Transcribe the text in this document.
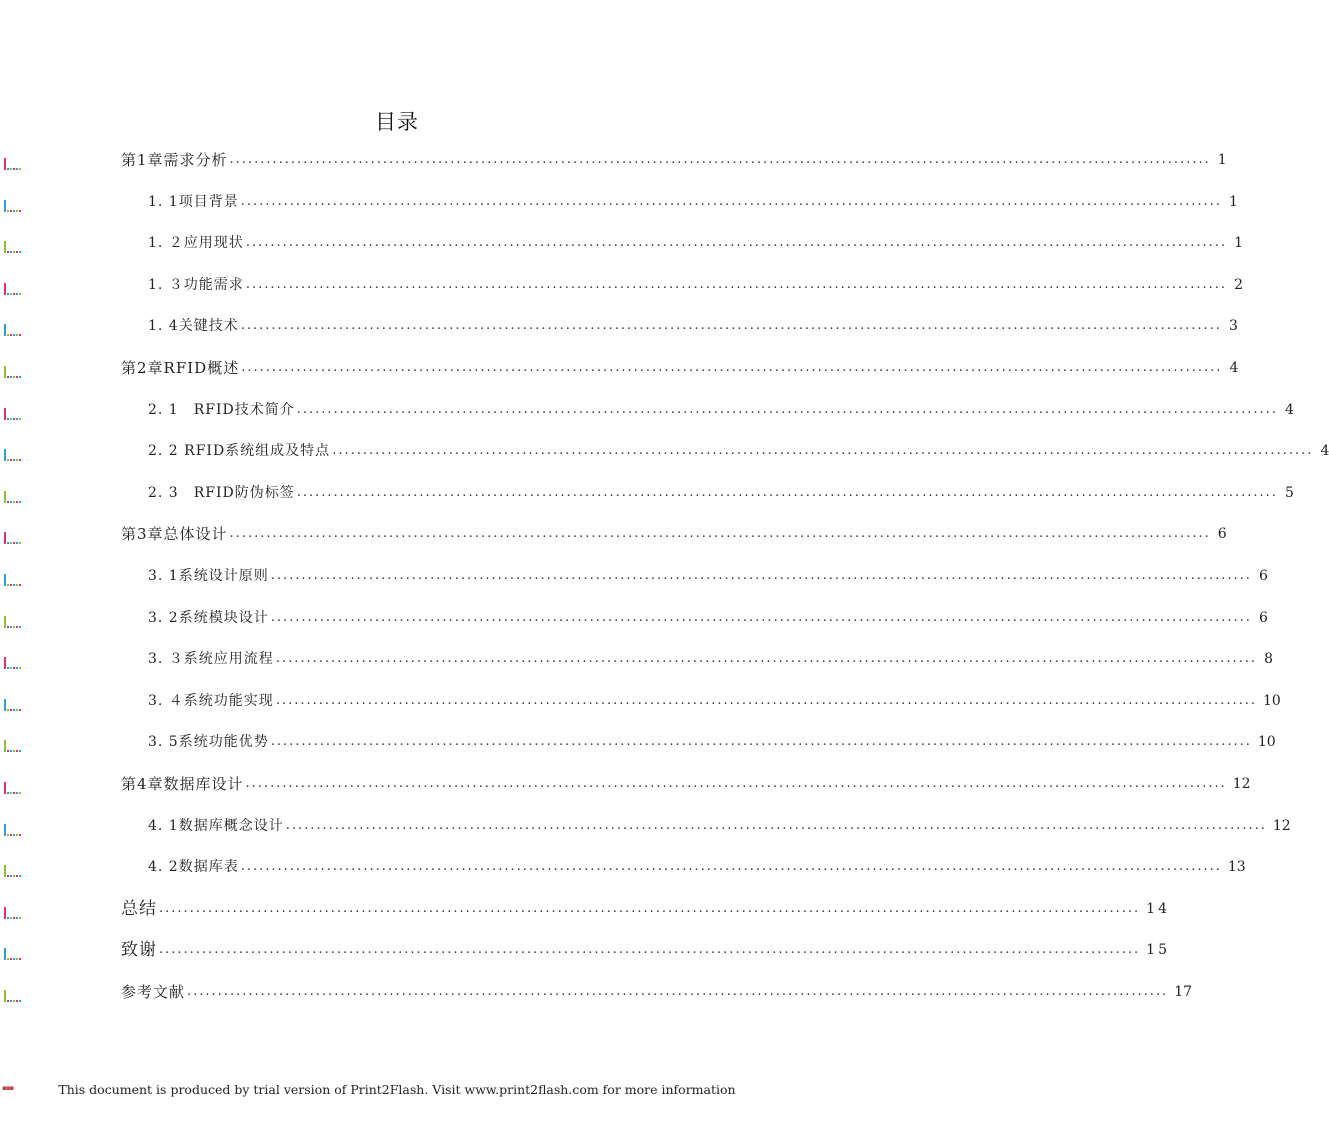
目录
第1章需求分析 ................................................................................................................................................................ 1
1. 1项目背景 ................................................................................................................................................................ 1
1. ２应用现状 ................................................................................................................................................................ 1
1. ３功能需求 ................................................................................................................................................................ 2
1. 4关键技术 ................................................................................................................................................................ 3
第2章RFID概述 ................................................................................................................................................................ 4
2. 1　RFID技术简介 ................................................................................................................................................................ 4
2. 2 RFID系统组成及特点 ................................................................................................................................................................ 4
2. 3　RFID防伪标签 ................................................................................................................................................................ 5
第3章总体设计 ................................................................................................................................................................ 6
3. 1系统设计原则 ................................................................................................................................................................ 6
3. 2系统模块设计 ................................................................................................................................................................ 6
3. ３系统应用流程 ................................................................................................................................................................ 8
3. ４系统功能实现 ................................................................................................................................................................ 10
3. 5系统功能优势 ................................................................................................................................................................ 10
第4章数据库设计 ................................................................................................................................................................ 12
4. 1数据库概念设计 ................................................................................................................................................................ 12
4. 2数据库表 ................................................................................................................................................................ 13
总结 ................................................................................................................................................................ 14
致谢 ................................................................................................................................................................ 15
参考文献 ................................................................................................................................................................ 17
This document is produced by trial version of Print2Flash. Visit www.print2flash.com for more information
▪▪▪
